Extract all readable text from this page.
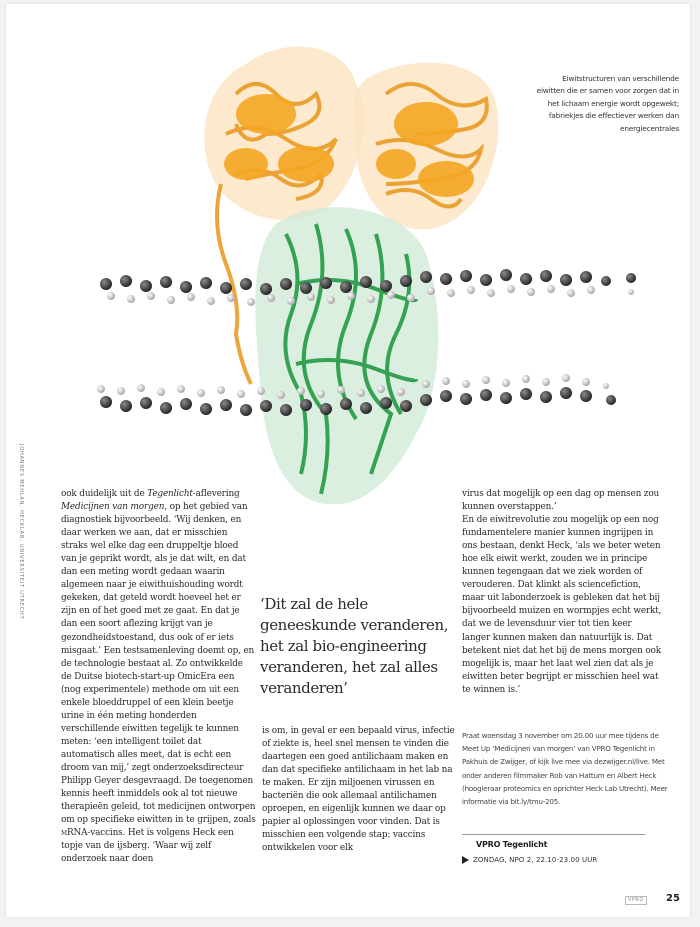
JOHANNES MEHLAN, HECKLAB, UNIVERSITEIT UTRECHT
Eiwitstructuren van verschillende eiwitten die er samen voor zorgen dat in het lichaam energie wordt opgewekt; fabriekjes die effectiever werken dan energiecentrales

ook duidelijk uit de Tegenlicht-aflevering Medicijnen van morgen, op het gebied van diagnostiek bijvoorbeeld. ‘Wij denken, en daar werken we aan, dat er misschien straks wel elke dag een druppeltje bloed van je geprikt wordt, als je dat wilt, en dat dan een meting wordt gedaan waarin algemeen naar je eiwithuishouding wordt gekeken, dat geteld wordt hoeveel het er zijn en of het goed met ze gaat. En dat je dan een soort aflezing krijgt van je gezondheidstoestand, dus ook of er iets misgaat.’ Een testsamenleving doemt op, en de technologie bestaat al. Zo ontwikkelde de Duitse biotech-start-up OmicEra een (nog experimentele) methode om uit een enkele bloeddruppel of een klein beetje urine in één meting honderden verschillende eiwitten tegelijk te kunnen meten: ‘een intelligent toilet dat automatisch alles meet, dat is echt een droom van mij,’ zegt onderzoeksdirecteur Philipp Geyer desgevraagd. De toegenomen kennis heeft inmiddels ook al tot nieuwe therapieën geleid, tot medicijnen ontworpen om op specifieke eiwitten in te grijpen, zoals mRNA-vaccins. Het is volgens Heck een topje van de ijsberg. ‘Waar wij zelf onderzoek naar doen

‘Dit zal de hele geneeskunde veranderen, het zal bio-engineering veranderen, het zal alles veranderen’

is om, in geval er een bepaald virus, infectie of ziekte is, heel snel mensen te vinden die daartegen een goed antilichaam maken en dan dat specifieke antilichaam in het lab na te maken. Er zijn miljoenen virussen en bacteriën die ook allemaal antilichamen oproepen, en eigenlijk kunnen we daar op papier al oplossingen voor vinden. Dat is misschien een volgende stap: vaccins ontwikkelen voor elk

virus dat mogelijk op een dag op mensen zou kunnen overstappen.’

En de eiwitrevolutie zou mogelijk op een nog fundamentelere manier kunnen ingrijpen in ons bestaan, denkt Heck, ‘als we beter weten hoe elk eiwit werkt, zouden we in principe kunnen tegengaan dat we ziek worden of verouderen. Dat klinkt als sciencefiction, maar uit labonderzoek is gebleken dat het bij bijvoorbeeld muizen en wormpjes echt werkt, dat we de levensduur vier tot tien keer langer kunnen maken dan natuurlijk is. Dat betekent niet dat het bij de mens morgen ook mogelijk is, maar het laat wel zien dat als je eiwitten beter begrijpt er misschien heel wat te winnen is.’

Praat woensdag 3 november om 20.00 uur mee tijdens de Meet Up ‘Medicijnen van morgen’ van VPRO Tegenlicht in Pakhuis de Zwijger, of kijk live mee via dezwijger.nl/live. Met onder anderen filmmaker Rob van Hattum en Albert Heck (hoogleraar proteomics en oprichter Heck Lab Utrecht). Meer informatie via bit.ly/tmu-205.
VPRO Tegenlicht
ZONDAG, NPO 2, 22.10-23.00 UUR
VPRO	25
